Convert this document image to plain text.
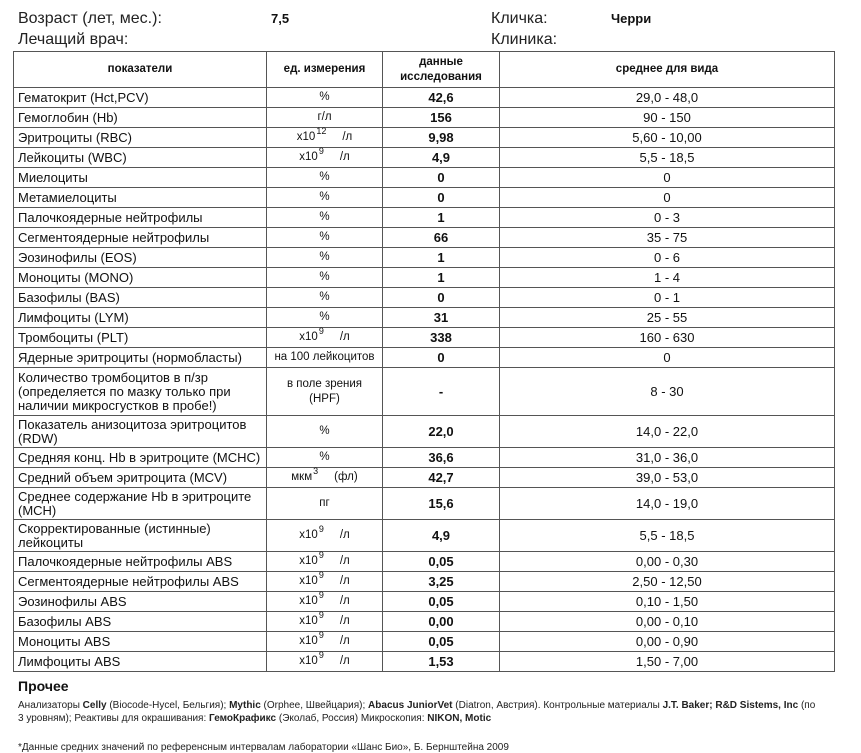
Возраст (лет, мес.):	7,5
Лечащий врач:
Кличка:	Черри
Клиника:
показатели	ед. измерения	данные исследования	среднее для вида
Гематокрит (Hct,PCV)	%	42,6	29,0 - 48,0
Гемоглобин (Hb)	г/л	156	90 - 150
Эритроциты (RBC)	$x10^{12}$ /л	9,98	5,60 - 10,00
Лейкоциты (WBC)	$x10^9$ /л	4,9	5,5 - 18,5
Миелоциты	%	0	0
Метамиелоциты	%	0	0
Палочкоядерные нейтрофилы	%	1	0 - 3
Сегментоядерные нейтрофилы	%	66	35 - 75
Эозинофилы (EOS)	%	1	0 - 6
Моноциты (MONO)	%	1	1 - 4
Базофилы (BAS)	%	0	0 - 1
Лимфоциты (LYM)	%	31	25 - 55
Тромбоциты (PLT)	$x10^9$ /л	338	160 - 630
Ядерные эритроциты (нормобласты)	на 100 лейкоцитов	0	0
Количество тромбоцитов в п/зр (определяется по мазку только при наличии микросгустков в пробе!)	в поле зрения (HPF)	-	8 - 30
Показатель анизоцитоза эритроцитов (RDW)	%	22,0	14,0 - 22,0
Средняя конц. Hb в эритроците (MCHC)	%	36,6	31,0 - 36,0
Средний объем эритроцита (MCV)	мкм$^3$ (фл)	42,7	39,0 - 53,0
Среднее содержание Hb в эритроците (MCH)	пг	15,6	14,0 - 19,0
Скорректированные (истинные) лейкоциты	$x10^9$ /л	4,9	5,5 - 18,5
Палочкоядерные нейтрофилы ABS	$x10^9$ /л	0,05	0,00 - 0,30
Сегментоядерные нейтрофилы ABS	$x10^9$ /л	3,25	2,50 - 12,50
Эозинофилы ABS	$x10^9$ /л	0,05	0,10 - 1,50
Базофилы ABS	$x10^9$ /л	0,00	0,00 - 0,10
Моноциты ABS	$x10^9$ /л	0,05	0,00 - 0,90
Лимфоциты ABS	$x10^9$ /л	1,53	1,50 - 7,00
Прочее
Анализаторы Celly (Biocode-Hycel, Бельгия); Mythic (Orphee, Швейцария); Abacus JuniorVet (Diatron, Австрия). Контрольные материалы J.T. Baker; R&D Sistems, Inc (по 3 уровням); Реактивы для окрашивания: ГемоКрафикс (Эколаб, Россия) Микроскопия: NIKON, Motic
*Данные средних значений по референсным интервалам лаборатории «Шанс Био», Б. Бернштейна 2009
